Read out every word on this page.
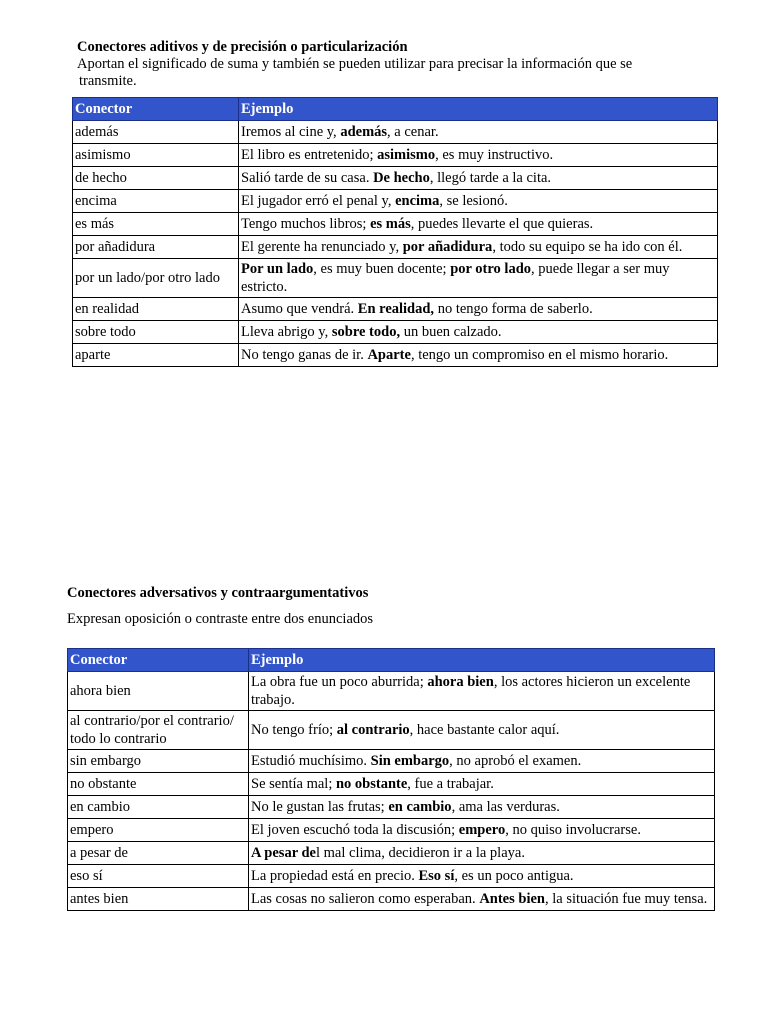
Conectores aditivos y de precisión o particularización

Aportan el significado de suma y también se pueden utilizar para precisar la información que se
transmite.

Conector	Ejemplo
además	Iremos al cine y, además, a cenar.
asimismo	El libro es entretenido; asimismo, es muy instructivo.
de hecho	Salió tarde de su casa. De hecho, llegó tarde a la cita.
encima	El jugador erró el penal y, encima, se lesionó.
es más	Tengo muchos libros; es más, puedes llevarte el que quieras.
por añadidura	El gerente ha renunciado y, por añadidura, todo su equipo se ha ido con él.
por un lado/por otro lado	Por un lado, es muy buen docente; por otro lado, puede llegar a ser muy estricto.
en realidad	Asumo que vendrá. En realidad, no tengo forma de saberlo.
sobre todo	Lleva abrigo y, sobre todo, un buen calzado.
aparte	No tengo ganas de ir. Aparte, tengo un compromiso en el mismo horario.

Conectores adversativos y contraargumentativos

Expresan oposición o contraste entre dos enunciados

Conector	Ejemplo
ahora bien	La obra fue un poco aburrida; ahora bien, los actores hicieron un excelente trabajo.
al contrario/por el contrario/
todo lo contrario	No tengo frío; al contrario, hace bastante calor aquí.
sin embargo	Estudió muchísimo. Sin embargo, no aprobó el examen.
no obstante	Se sentía mal; no obstante, fue a trabajar.
en cambio	No le gustan las frutas; en cambio, ama las verduras.
empero	El joven escuchó toda la discusión; empero, no quiso involucrarse.
a pesar de	A pesar del mal clima, decidieron ir a la playa.
eso sí	La propiedad está en precio. Eso sí, es un poco antigua.
antes bien	Las cosas no salieron como esperaban. Antes bien, la situación fue muy tensa.
